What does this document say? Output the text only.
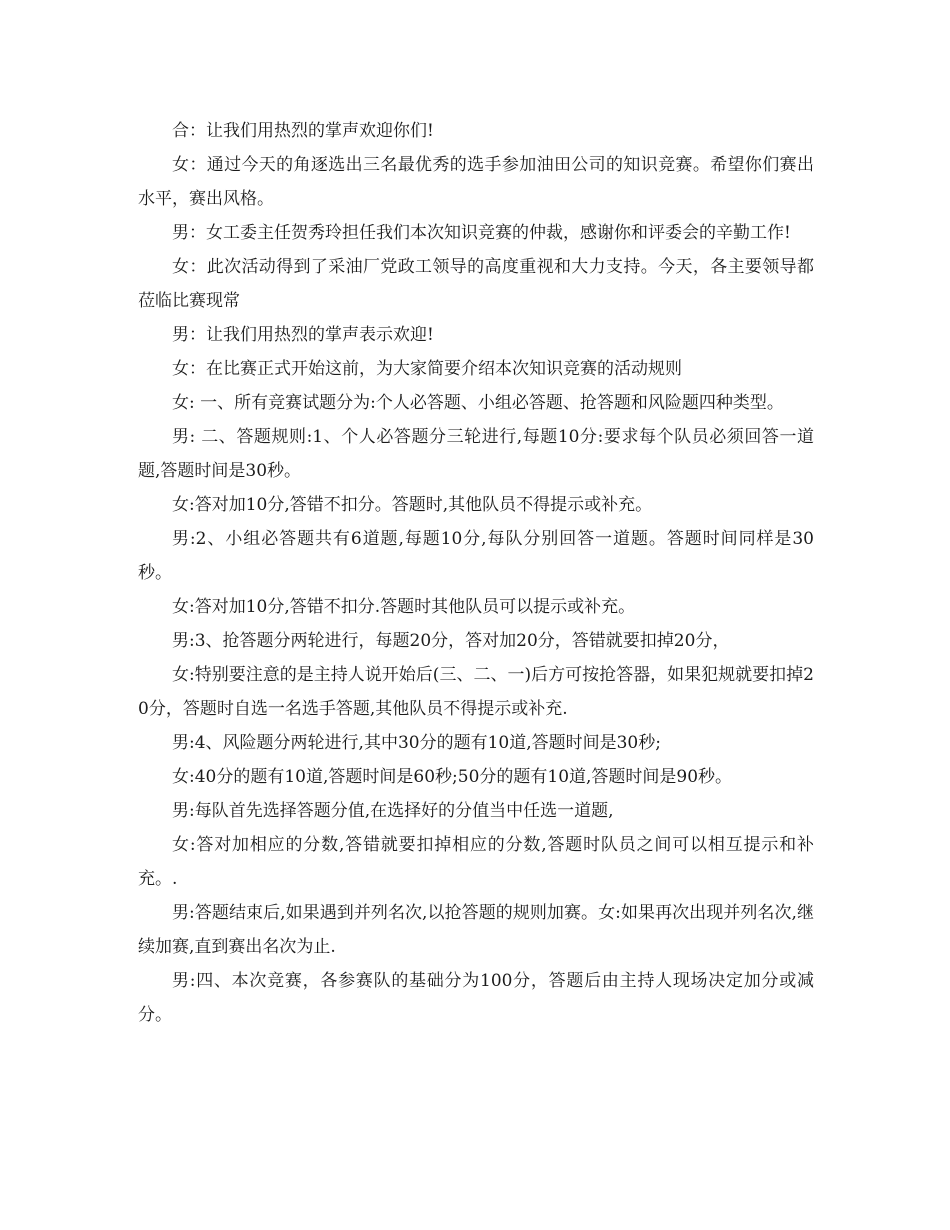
合：让我们用热烈的掌声欢迎你们!

女：通过今天的角逐选出三名最优秀的选手参加油田公司的知识竞赛。希望你们赛出水平，赛出风格。

男：女工委主任贺秀玲担任我们本次知识竞赛的仲裁，感谢你和评委会的辛勤工作!

女：此次活动得到了采油厂党政工领导的高度重视和大力支持。今天，各主要领导都莅临比赛现常

男：让我们用热烈的掌声表示欢迎!

女：在比赛正式开始这前，为大家简要介绍本次知识竞赛的活动规则

女: 一、所有竞赛试题分为:个人必答题、小组必答题、抢答题和风险题四种类型。

男: 二、答题规则:1、个人必答题分三轮进行,每题10分:要求每个队员必须回答一道题,答题时间是30秒。

女:答对加10分,答错不扣分。答题时,其他队员不得提示或补充。

男:2、小组必答题共有6道题,每题10分,每队分别回答一道题。答题时间同样是30秒。

女:答对加10分,答错不扣分.答题时其他队员可以提示或补充。

男:3、抢答题分两轮进行，每题20分，答对加20分，答错就要扣掉20分，

女:特别要注意的是主持人说开始后(三、二、一)后方可按抢答器，如果犯规就要扣掉20分，答题时自选一名选手答题,其他队员不得提示或补充.

男:4、风险题分两轮进行,其中30分的题有10道,答题时间是30秒;

女:40分的题有10道,答题时间是60秒;50分的题有10道,答题时间是90秒。

男:每队首先选择答题分值,在选择好的分值当中任选一道题,

女:答对加相应的分数,答错就要扣掉相应的分数,答题时队员之间可以相互提示和补充。.

男:答题结束后,如果遇到并列名次,以抢答题的规则加赛。女:如果再次出现并列名次,继续加赛,直到赛出名次为止.

男:四、本次竞赛，各参赛队的基础分为100分，答题后由主持人现场决定加分或减分。
